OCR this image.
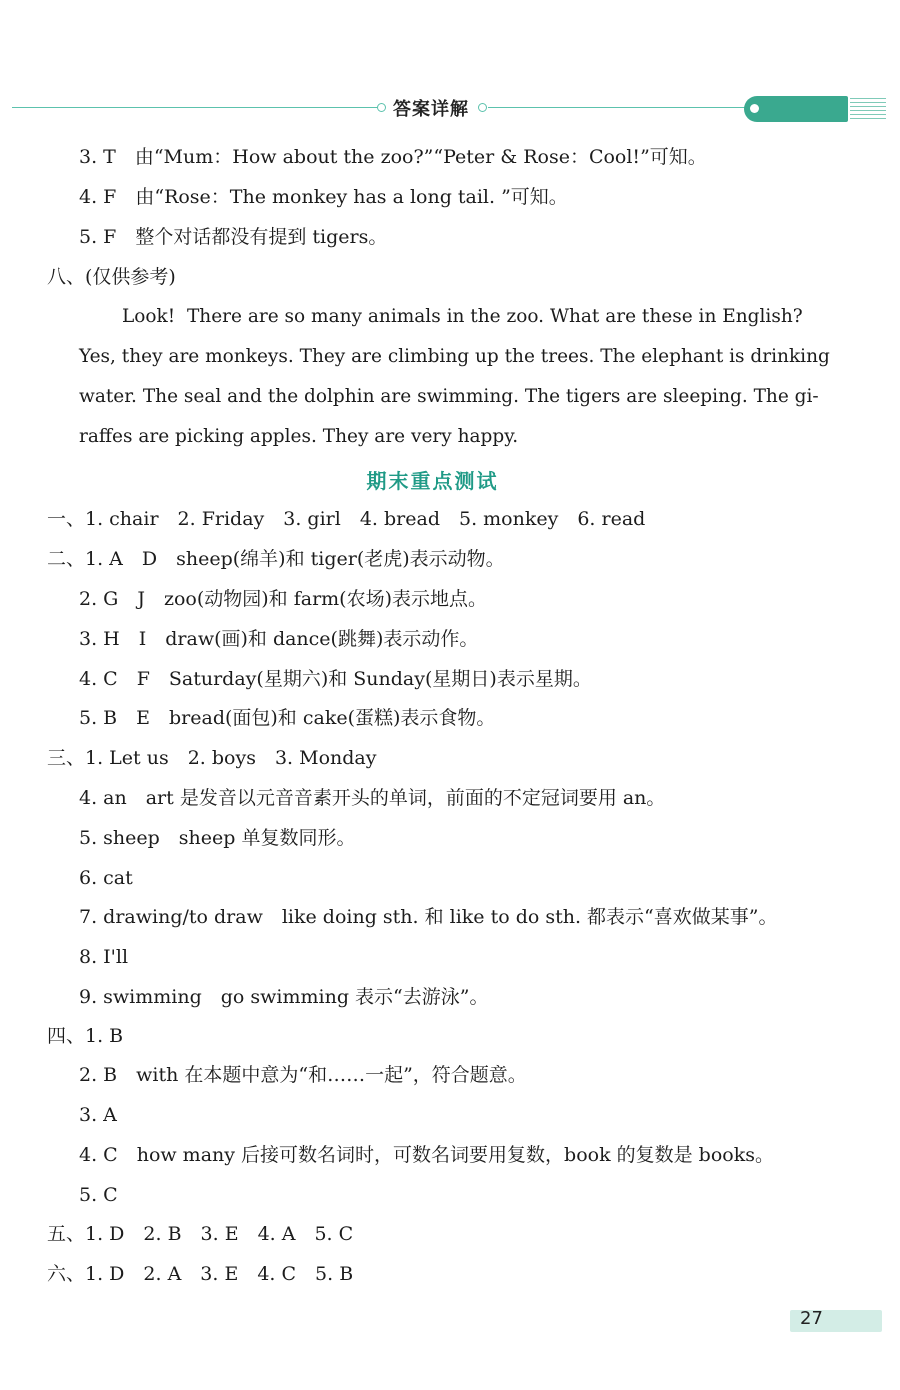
答案详解
3. T　由“Mum：How about the zoo?”“Peter & Rose：Cool!”可知。
4. F　由“Rose：The monkey has a long tail. ”可知。
5. F　整个对话都没有提到 tigers。
八、(仅供参考)
Look!  There are so many animals in the zoo. What are these in English?
Yes, they are monkeys. They are climbing up the trees. The elephant is drinking
water. The seal and the dolphin are swimming. The tigers are sleeping. The gi-
raffes are picking apples. They are very happy.
期末重点测试
一、1. chair　2. Friday　3. girl　4. bread　5. monkey　6. read
二、1. A　D　sheep(绵羊)和 tiger(老虎)表示动物。
2. G　J　zoo(动物园)和 farm(农场)表示地点。
3. H　I　draw(画)和 dance(跳舞)表示动作。
4. C　F　Saturday(星期六)和 Sunday(星期日)表示星期。
5. B　E　bread(面包)和 cake(蛋糕)表示食物。
三、1. Let us　2. boys　3. Monday
4. an　art 是发音以元音音素开头的单词，前面的不定冠词要用 an。
5. sheep　sheep 单复数同形。
6. cat
7. drawing/to draw　like doing sth. 和 like to do sth. 都表示“喜欢做某事”。
8. I'll
9. swimming　go swimming 表示“去游泳”。
四、1. B
2. B　with 在本题中意为“和……一起”，符合题意。
3. A
4. C　how many 后接可数名词时，可数名词要用复数，book 的复数是 books。
5. C
五、1. D　2. B　3. E　4. A　5. C
六、1. D　2. A　3. E　4. C　5. B
27
